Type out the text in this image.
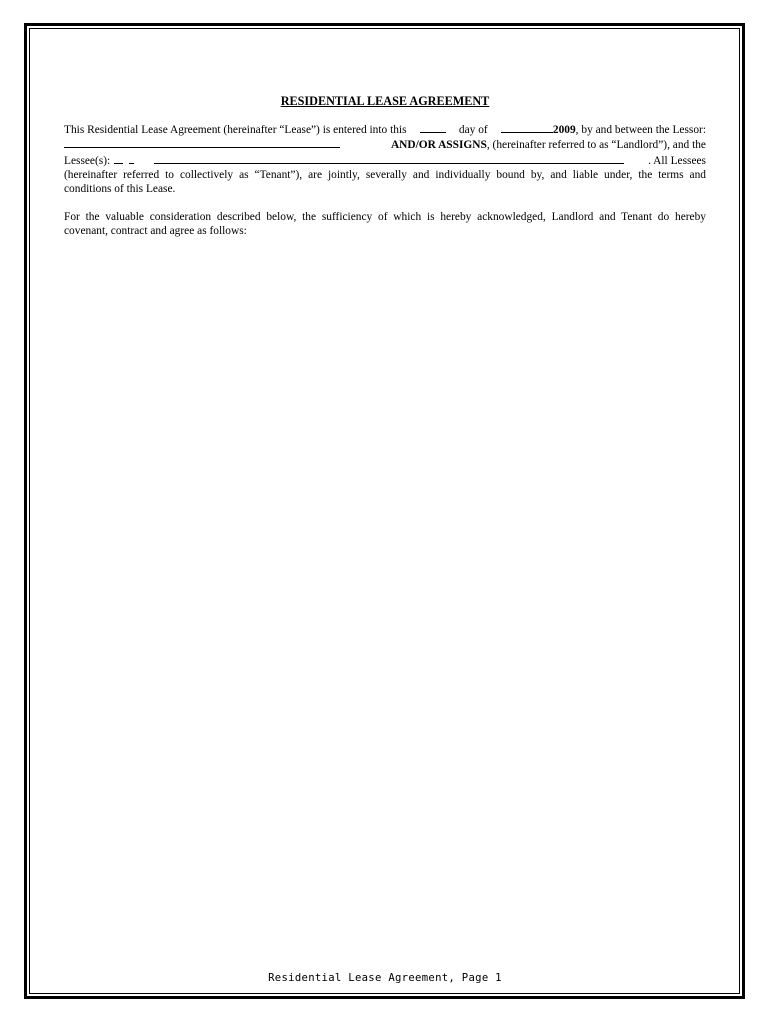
RESIDENTIAL LEASE AGREEMENT
This Residential Lease Agreement (hereinafter “Lease”) is entered into this	day of	2009, by and between the Lessor:
AND/OR ASSIGNS, (hereinafter referred to as “Landlord”), and the
Lessee(s):	. All Lessees
(hereinafter referred to collectively as “Tenant”), are jointly, severally and individually bound by, and liable under, the terms and
conditions of this Lease.
For the valuable consideration described below, the sufficiency of which is hereby acknowledged, Landlord and Tenant do hereby
covenant, contract and agree as follows:
Residential Lease Agreement, Page 1
